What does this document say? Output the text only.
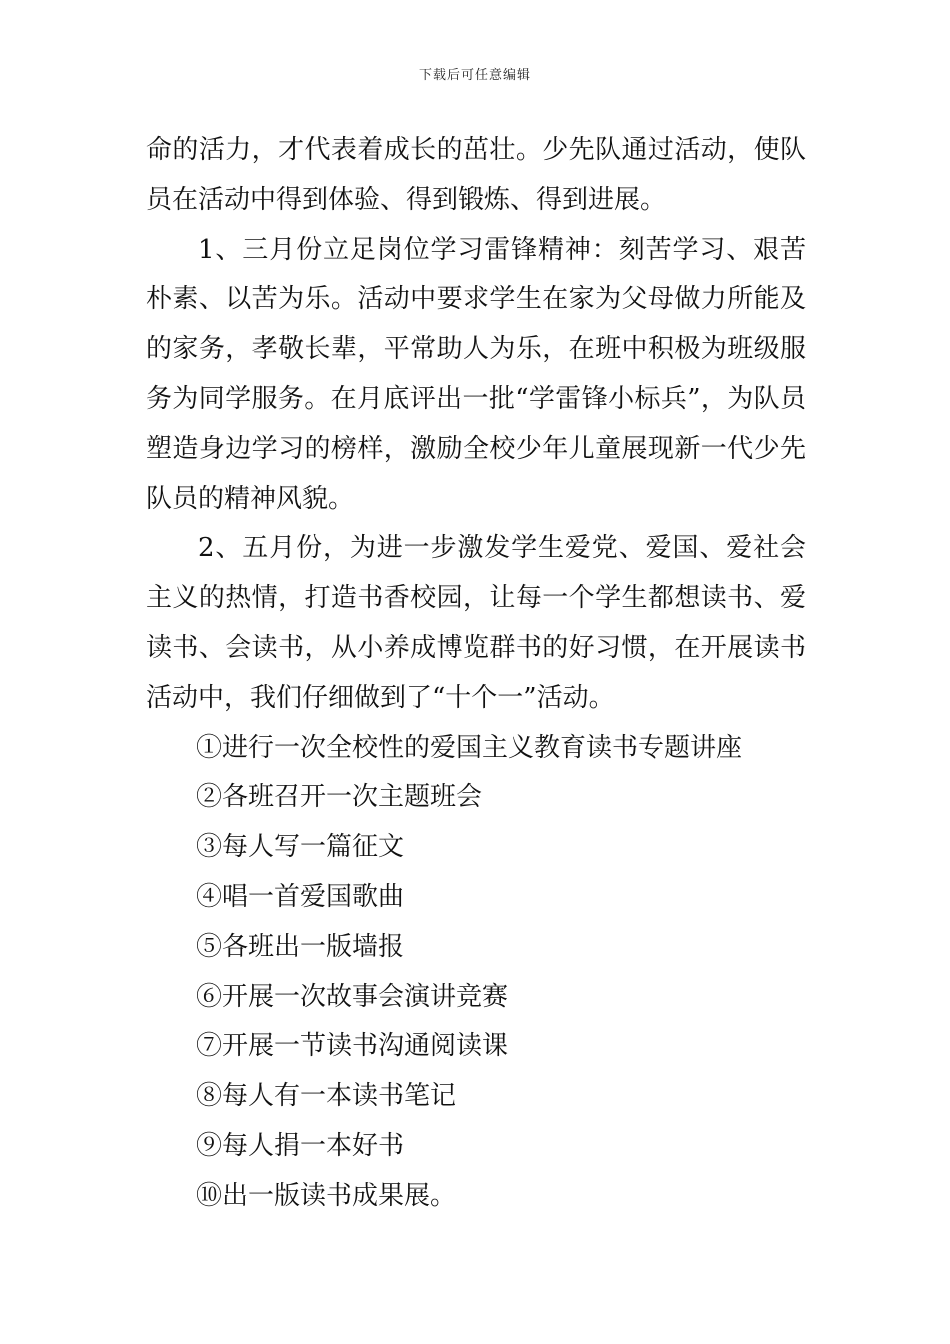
下载后可任意编辑

命的活力，才代表着成长的茁壮。少先队通过活动，使队员在活动中得到体验、得到锻炼、得到进展。

1、三月份立足岗位学习雷锋精神：刻苦学习、艰苦朴素、以苦为乐。活动中要求学生在家为父母做力所能及的家务，孝敬长辈，平常助人为乐，在班中积极为班级服务为同学服务。在月底评出一批“学雷锋小标兵”，为队员塑造身边学习的榜样，激励全校少年儿童展现新一代少先队员的精神风貌。

2、五月份，为进一步激发学生爱党、爱国、爱社会主义的热情，打造书香校园，让每一个学生都想读书、爱读书、会读书，从小养成博览群书的好习惯，在开展读书活动中，我们仔细做到了“十个一”活动。

①进行一次全校性的爱国主义教育读书专题讲座

②各班召开一次主题班会

③每人写一篇征文

④唱一首爱国歌曲

⑤各班出一版墙报

⑥开展一次故事会演讲竞赛

⑦开展一节读书沟通阅读课

⑧每人有一本读书笔记

⑨每人捐一本好书

⑩出一版读书成果展。
